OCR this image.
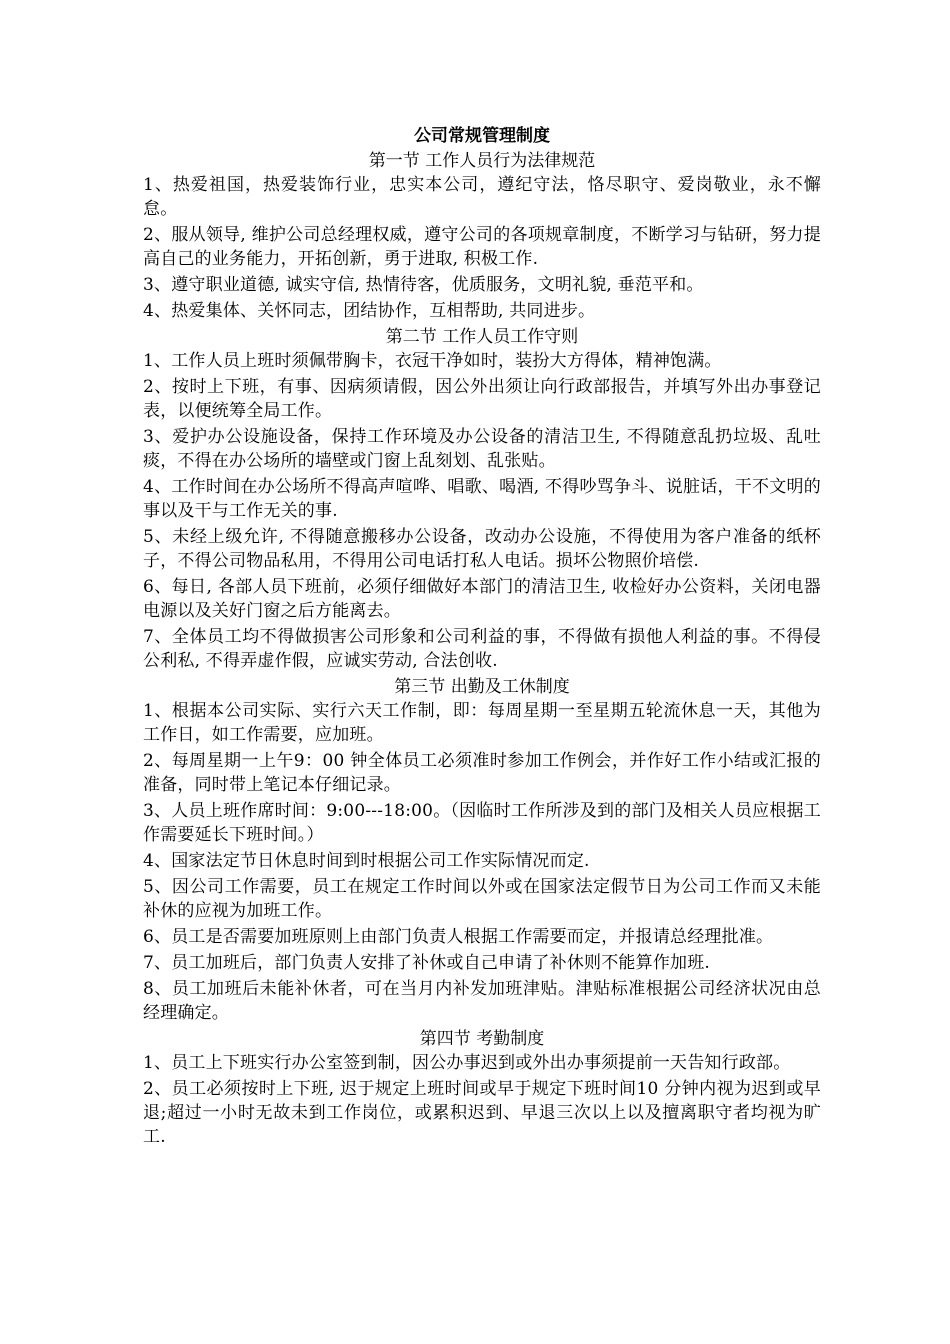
公司常规管理制度
第一节 工作人员行为法律规范

1、热爱祖国，热爱装饰行业，忠实本公司，遵纪守法，恪尽职守、爱岗敬业，永不懈怠。

2、服从领导, 维护公司总经理权威，遵守公司的各项规章制度，不断学习与钻研，努力提高自己的业务能力，开拓创新，勇于进取, 积极工作.

3、遵守职业道德, 诚实守信, 热情待客，优质服务，文明礼貌, 垂范平和。

4、热爱集体、关怀同志，团结协作，互相帮助, 共同进步。

第二节 工作人员工作守则

1、工作人员上班时须佩带胸卡，衣冠干净如时，装扮大方得体，精神饱满。

2、按时上下班，有事、因病须请假，因公外出须让向行政部报告，并填写外出办事登记表，以便统筹全局工作。

3、爱护办公设施设备，保持工作环境及办公设备的清洁卫生, 不得随意乱扔垃圾、乱吐痰，不得在办公场所的墙壁或门窗上乱刻划、乱张贴。

4、工作时间在办公场所不得高声喧哗、唱歌、喝酒, 不得吵骂争斗、说脏话，干不文明的事以及干与工作无关的事.

5、未经上级允许, 不得随意搬移办公设备，改动办公设施，不得使用为客户准备的纸杯子，不得公司物品私用，不得用公司电话打私人电话。损坏公物照价培偿.

6、每日, 各部人员下班前，必须仔细做好本部门的清洁卫生, 收检好办公资料，关闭电器电源以及关好门窗之后方能离去。

7、全体员工均不得做损害公司形象和公司利益的事，不得做有损他人利益的事。不得侵公利私, 不得弄虚作假，应诚实劳动, 合法创收.

第三节 出勤及工休制度

1、根据本公司实际、实行六天工作制，即：每周星期一至星期五轮流休息一天，其他为工作日，如工作需要，应加班。

2、每周星期一上午9：00 钟全体员工必须准时参加工作例会，并作好工作小结或汇报的准备，同时带上笔记本仔细记录。

3、人员上班作席时间：9:00---18:00。（因临时工作所涉及到的部门及相关人员应根据工作需要延长下班时间。）

4、国家法定节日休息时间到时根据公司工作实际情况而定.

5、因公司工作需要，员工在规定工作时间以外或在国家法定假节日为公司工作而又未能补休的应视为加班工作。

6、员工是否需要加班原则上由部门负责人根据工作需要而定，并报请总经理批准。

7、员工加班后，部门负责人安排了补休或自己申请了补休则不能算作加班.

8、员工加班后未能补休者，可在当月内补发加班津贴。津贴标准根据公司经济状况由总经理确定。

第四节 考勤制度

1、员工上下班实行办公室签到制，因公办事迟到或外出办事须提前一天告知行政部。

2、员工必须按时上下班, 迟于规定上班时间或早于规定下班时间10 分钟内视为迟到或早退;超过一小时无故未到工作岗位，或累积迟到、早退三次以上以及擅离职守者均视为旷工.
